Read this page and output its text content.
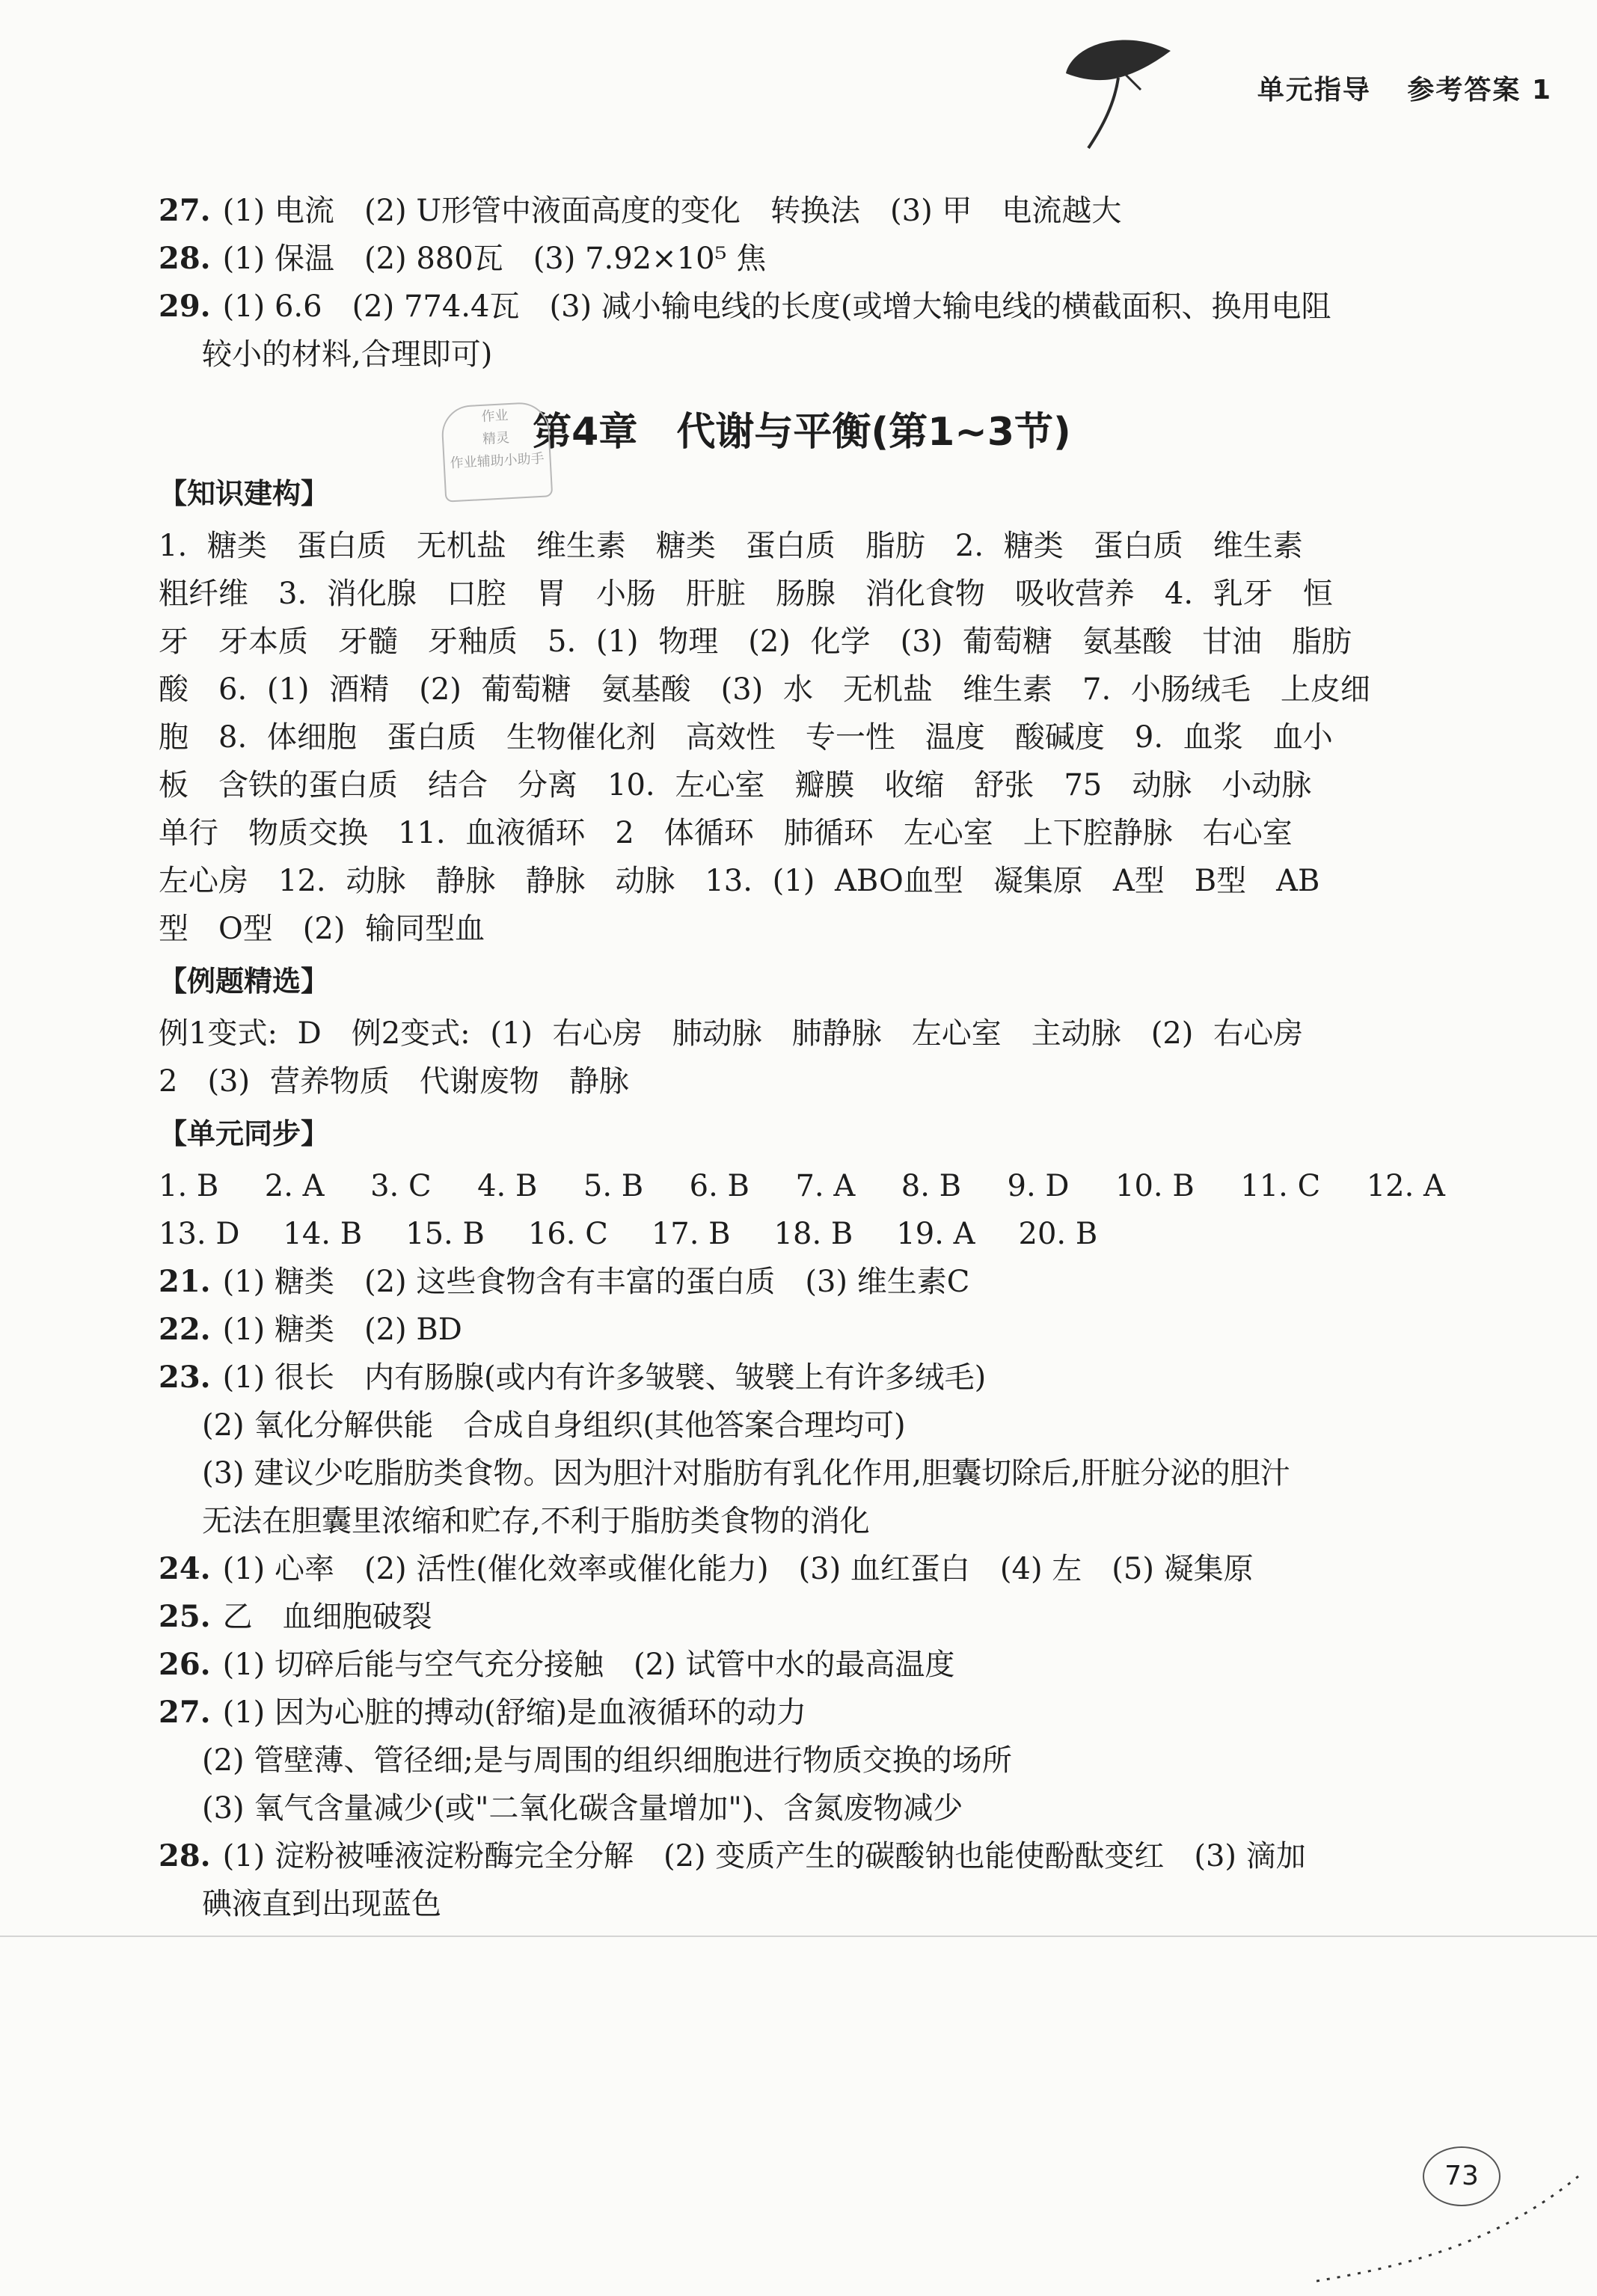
单元指导 参考答案 1

27. (1) 电流　(2) U形管中液面高度的变化　转换法　(3) 甲　电流越大

28. (1) 保温　(2) 880瓦　(3) 7.92×10⁵ 焦

29. (1) 6.6　(2) 774.4瓦　(3) 减小输电线的长度(或增大输电线的横截面积、换用电阻

较小的材料,合理即可)

作业
精灵
作业辅助小助手
第4章　代谢与平衡(第1~3节)
【知识建构】
1. 糖类　蛋白质　无机盐　维生素　糖类　蛋白质　脂肪　2. 糖类　蛋白质　维生素
粗纤维　3. 消化腺　口腔　胃　小肠　肝脏　肠腺　消化食物　吸收营养　4. 乳牙　恒
牙　牙本质　牙髓　牙釉质　5. (1) 物理　(2) 化学　(3) 葡萄糖　氨基酸　甘油　脂肪
酸　6. (1) 酒精　(2) 葡萄糖　氨基酸　(3) 水　无机盐　维生素　7. 小肠绒毛　上皮细
胞　8. 体细胞　蛋白质　生物催化剂　高效性　专一性　温度　酸碱度　9. 血浆　血小
板　含铁的蛋白质　结合　分离　10. 左心室　瓣膜　收缩　舒张　75　动脉　小动脉
单行　物质交换　11. 血液循环　2　体循环　肺循环　左心室　上下腔静脉　右心室
左心房　12. 动脉　静脉　静脉　动脉　13. (1) ABO血型　凝集原　A型　B型　AB
型　O型　(2) 输同型血
【例题精选】
例1变式: D　例2变式: (1) 右心房　肺动脉　肺静脉　左心室　主动脉　(2) 右心房
2　(3) 营养物质　代谢废物　静脉
【单元同步】
1. B 2. A 3. C 4. B 5. B 6. B 7. A 8. B 9. D 10. B 11. C 12. A
13. D 14. B 15. B 16. C 17. B 18. B 19. A 20. B

21. (1) 糖类　(2) 这些食物含有丰富的蛋白质　(3) 维生素C

22. (1) 糖类　(2) BD

23. (1) 很长　内有肠腺(或内有许多皱襞、皱襞上有许多绒毛)

(2) 氧化分解供能　合成自身组织(其他答案合理均可)

(3) 建议少吃脂肪类食物。因为胆汁对脂肪有乳化作用,胆囊切除后,肝脏分泌的胆汁

无法在胆囊里浓缩和贮存,不利于脂肪类食物的消化

24. (1) 心率　(2) 活性(催化效率或催化能力)　(3) 血红蛋白　(4) 左　(5) 凝集原

25. 乙　血细胞破裂

26. (1) 切碎后能与空气充分接触　(2) 试管中水的最高温度

27. (1) 因为心脏的搏动(舒缩)是血液循环的动力

(2) 管壁薄、管径细;是与周围的组织细胞进行物质交换的场所

(3) 氧气含量减少(或"二氧化碳含量增加")、含氮废物减少

28. (1) 淀粉被唾液淀粉酶完全分解　(2) 变质产生的碳酸钠也能使酚酞变红　(3) 滴加

碘液直到出现蓝色

73
